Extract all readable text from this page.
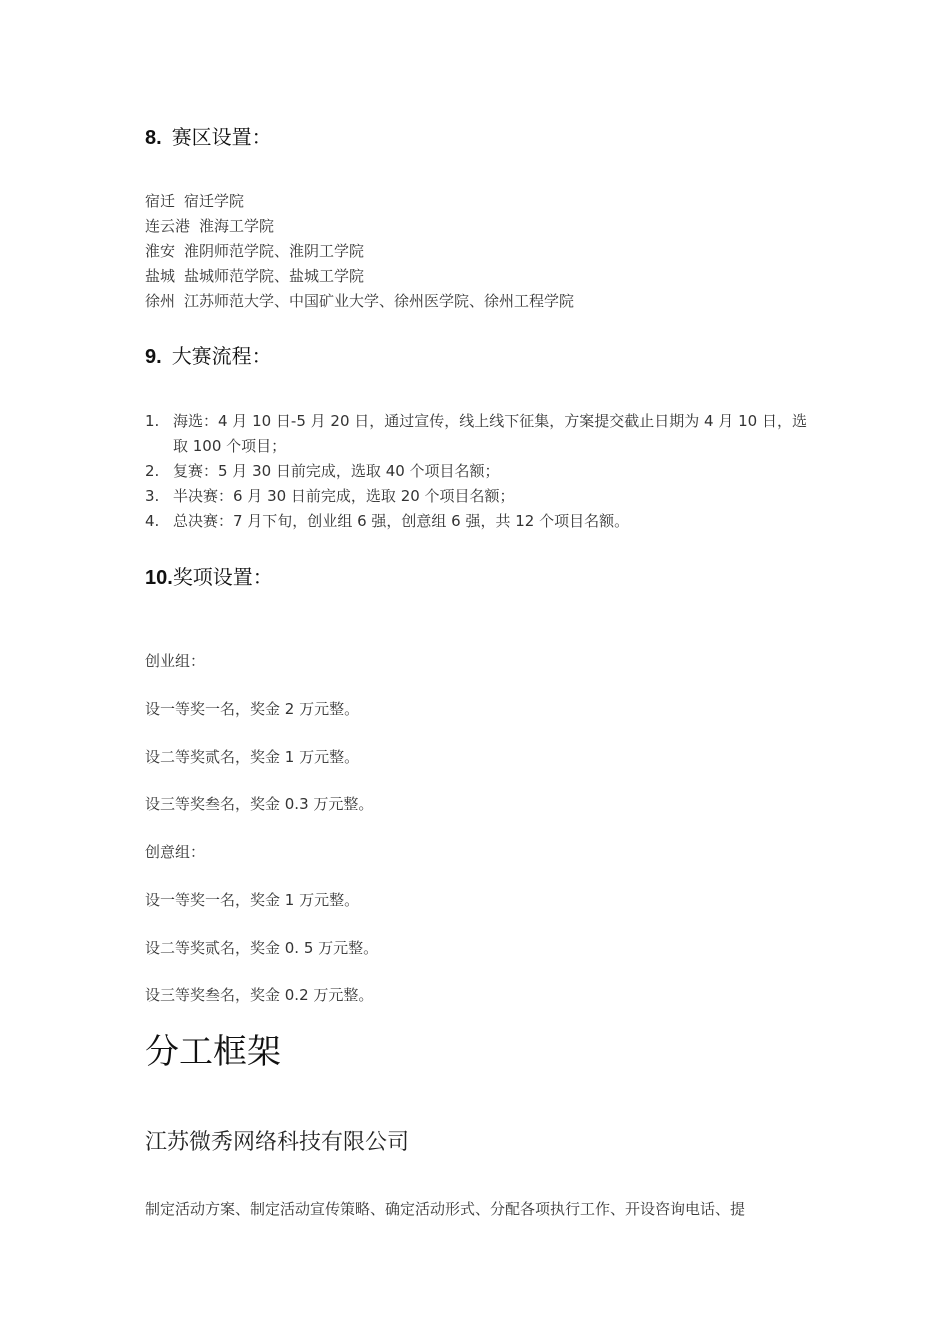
8. 赛区设置：
宿迁 宿迁学院
连云港 淮海工学院
淮安 淮阴师范学院、淮阴工学院
盐城 盐城师范学院、盐城工学院
徐州 江苏师范大学、中国矿业大学、徐州医学院、徐州工程学院
9. 大赛流程：
1. 海选：4 月 10 日-5 月 20 日，通过宣传，线上线下征集，方案提交截止日期为 4 月 10 日，选取 100 个项目；
2. 复赛：5 月 30 日前完成，选取 40 个项目名额；
3. 半决赛：6 月 30 日前完成，选取 20 个项目名额；
4. 总决赛：7 月下旬，创业组 6 强，创意组 6 强，共 12 个项目名额。
10.奖项设置：
创业组：
设一等奖一名，奖金 2 万元整。
设二等奖贰名，奖金 1 万元整。
设三等奖叁名，奖金 0.3 万元整。
创意组：
设一等奖一名，奖金 1 万元整。
设二等奖贰名，奖金 0. 5 万元整。
设三等奖叁名，奖金 0.2 万元整。
分工框架
江苏微秀网络科技有限公司
制定活动方案、制定活动宣传策略、确定活动形式、分配各项执行工作、开设咨询电话、提
